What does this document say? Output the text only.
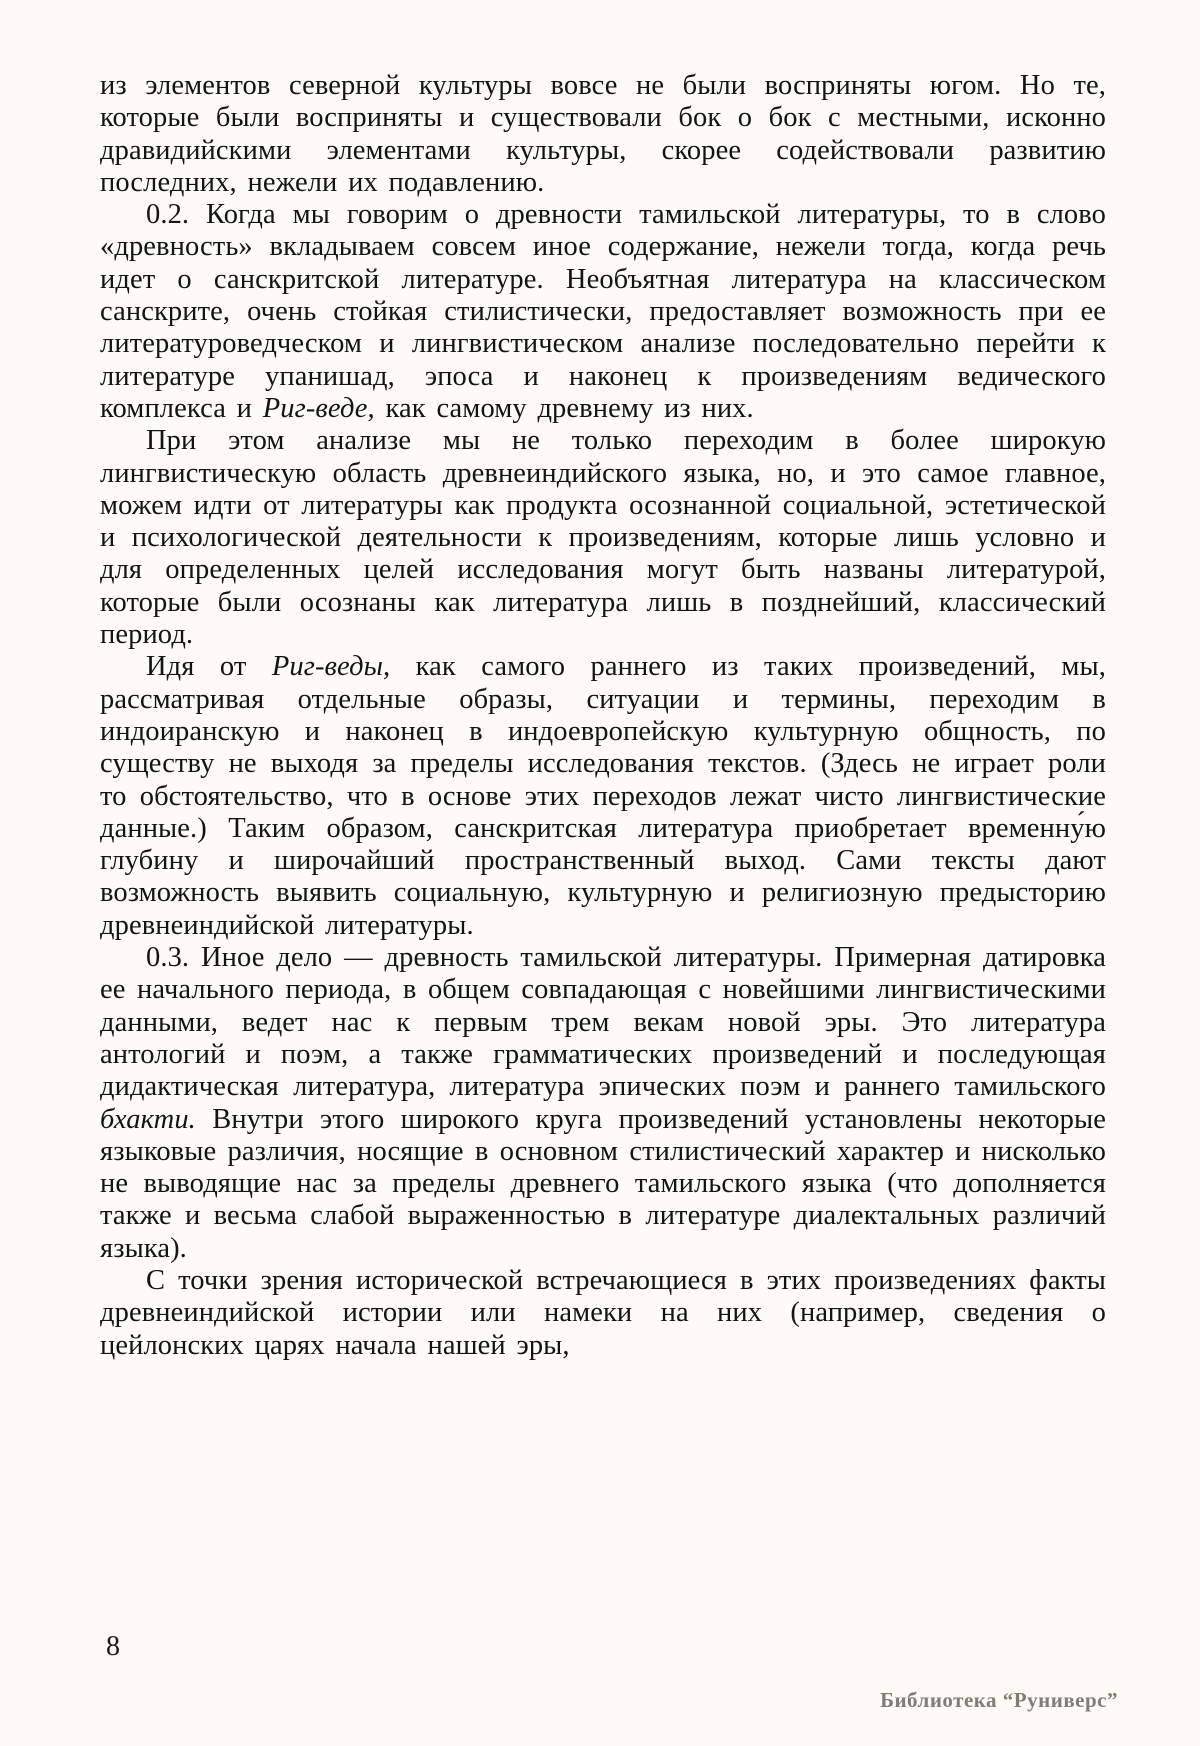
из элементов северной культуры вовсе не были восприняты югом. Но те, которые были восприняты и существовали бок о бок с местными, исконно дравидийскими элементами культуры, скорее содействовали развитию последних, нежели их подавлению.

0.2. Когда мы говорим о древности тамильской литературы, то в слово «древность» вкладываем совсем иное содержание, нежели тогда, когда речь идет о санскритской литературе. Необъятная литература на классическом санскрите, очень стойкая стилистически, предоставляет возможность при ее литературоведческом и лингвистическом анализе последовательно перейти к литературе упанишад, эпоса и наконец к произведениям ведического комплекса и Риг-веде, как самому древнему из них.

При этом анализе мы не только переходим в более широкую лингвистическую область древнеиндийского языка, но, и это самое главное, можем идти от литературы как продукта осознанной социальной, эстетической и психологической деятельности к произведениям, которые лишь условно и для определенных целей исследования могут быть названы литературой, которые были осознаны как литература лишь в позднейший, классический период.

Идя от Риг-веды, как самого раннего из таких произведений, мы, рассматривая отдельные образы, ситуации и термины, переходим в индоиранскую и наконец в индоевропейскую культурную общность, по существу не выходя за пределы исследования текстов. (Здесь не играет роли то обстоятельство, что в основе этих переходов лежат чисто лингвистические данные.) Таким образом, санскритская литература приобретает временну́ю глубину и широчайший пространственный выход. Сами тексты дают возможность выявить социальную, культурную и религиозную предысторию древнеиндийской литературы.

0.3. Иное дело — древность тамильской литературы. Примерная датировка ее начального периода, в общем совпадающая с новейшими лингвистическими данными, ведет нас к первым трем векам новой эры. Это литература антологий и поэм, а также грамматических произведений и последующая дидактическая литература, литература эпических поэм и раннего тамильского бхакти. Внутри этого широкого круга произведений установлены некоторые языковые различия, носящие в основном стилистический характер и нисколько не выводящие нас за пределы древнего тамильского языка (что дополняется также и весьма слабой выраженностью в литературе диалектальных различий языка).

С точки зрения исторической встречающиеся в этих произведениях факты древнеиндийской истории или намеки на них (например, сведения о цейлонских царях начала нашей эры,

8
Библиотека “Руниверс”
